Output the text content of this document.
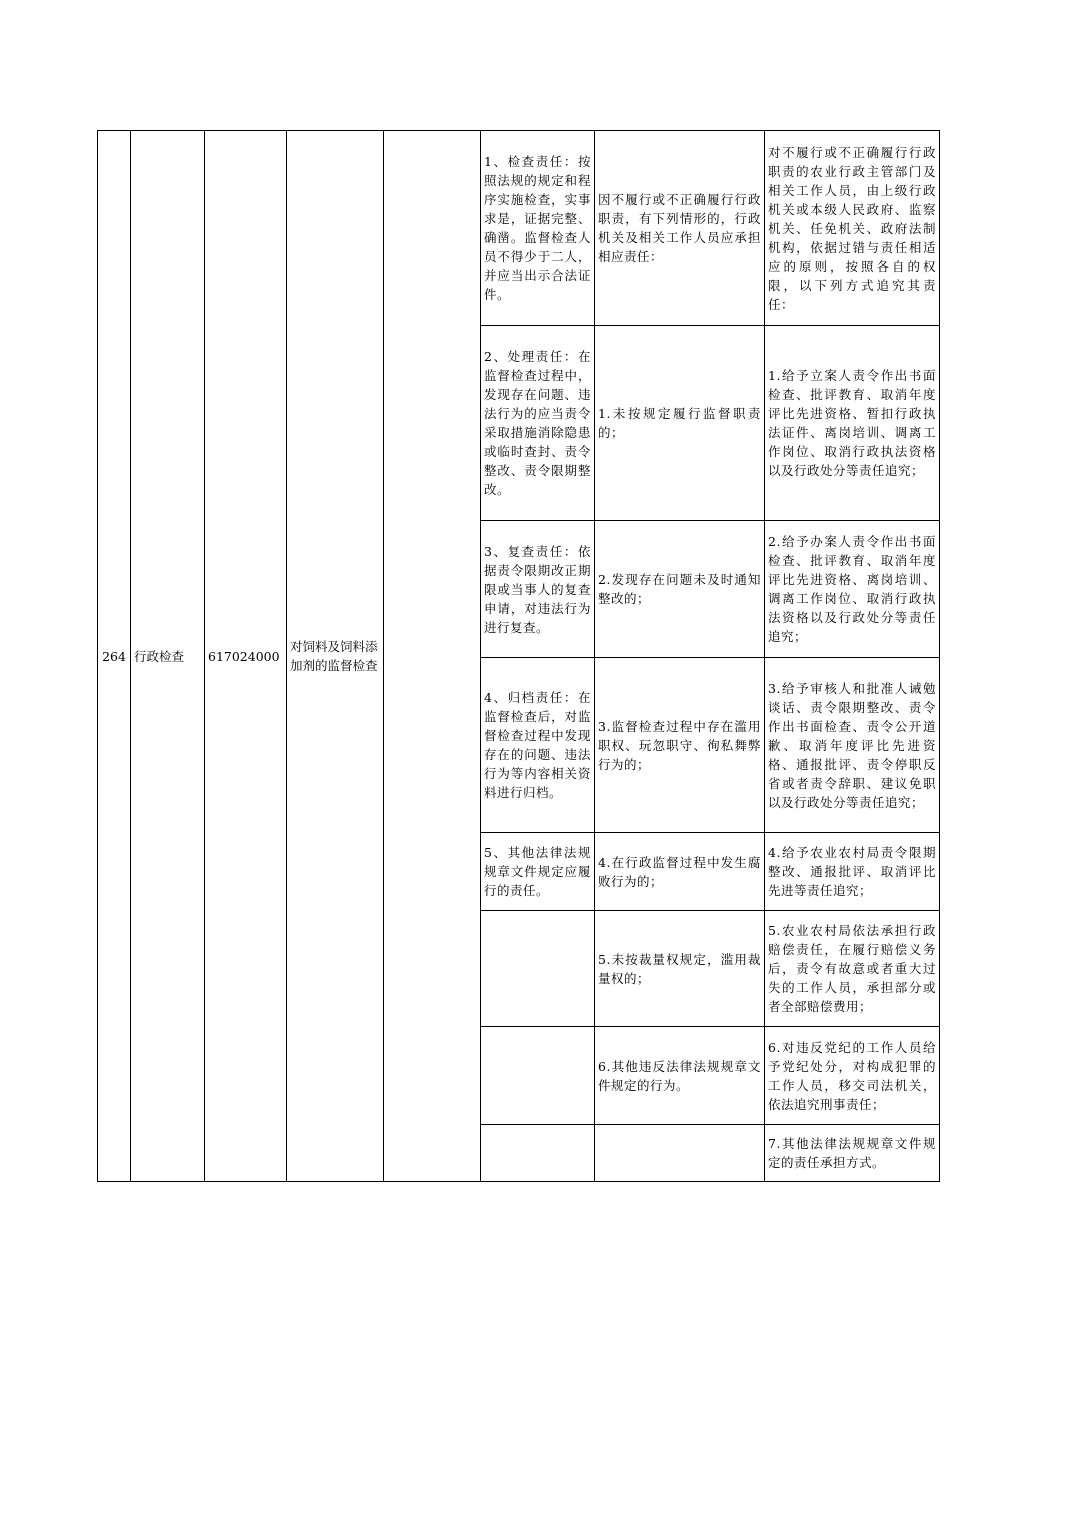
264	行政检查	617024000	对饲料及饲料添加剂的监督检查		1、检查责任：按照法规的规定和程序实施检查，实事求是，证据完整、确凿。监督检查人员不得少于二人，并应当出示合法证件。	因不履行或不正确履行行政职责，有下列情形的，行政机关及相关工作人员应承担相应责任：	对不履行或不正确履行行政职责的农业行政主管部门及相关工作人员，由上级行政机关或本级人民政府、监察机关、任免机关、政府法制机构，依据过错与责任相适应的原则，按照各自的权限，以下列方式追究其责任：
					2、处理责任：在监督检查过程中，发现存在问题、违法行为的应当责令采取措施消除隐患或临时查封、责令整改、责令限期整改。	1.未按规定履行监督职责的；	1.给予立案人责令作出书面检查、批评教育、取消年度评比先进资格、暂扣行政执法证件、离岗培训、调离工作岗位、取消行政执法资格以及行政处分等责任追究；
					3、复查责任：依据责令限期改正期限或当事人的复查申请，对违法行为进行复查。	2.发现存在问题未及时通知整改的；	2.给予办案人责令作出书面检查、批评教育、取消年度评比先进资格、离岗培训、调离工作岗位、取消行政执法资格以及行政处分等责任追究；
					4、归档责任：在监督检查后，对监督检查过程中发现存在的问题、违法行为等内容相关资料进行归档。	3.监督检查过程中存在滥用职权、玩忽职守、徇私舞弊行为的；	3.给予审核人和批准人诫勉谈话、责令限期整改、责令作出书面检查、责令公开道歉、取消年度评比先进资格、通报批评、责令停职反省或者责令辞职、建议免职以及行政处分等责任追究；
					5、其他法律法规规章文件规定应履行的责任。	4.在行政监督过程中发生腐败行为的；	4.给予农业农村局责令限期整改、通报批评、取消评比先进等责任追究；
						5.未按裁量权规定，滥用裁量权的；	5.农业农村局依法承担行政赔偿责任，在履行赔偿义务后，责令有故意或者重大过失的工作人员，承担部分或者全部赔偿费用；
						6.其他违反法律法规规章文件规定的行为。	6.对违反党纪的工作人员给予党纪处分，对构成犯罪的工作人员，移交司法机关，依法追究刑事责任；
							7.其他法律法规规章文件规定的责任承担方式。
